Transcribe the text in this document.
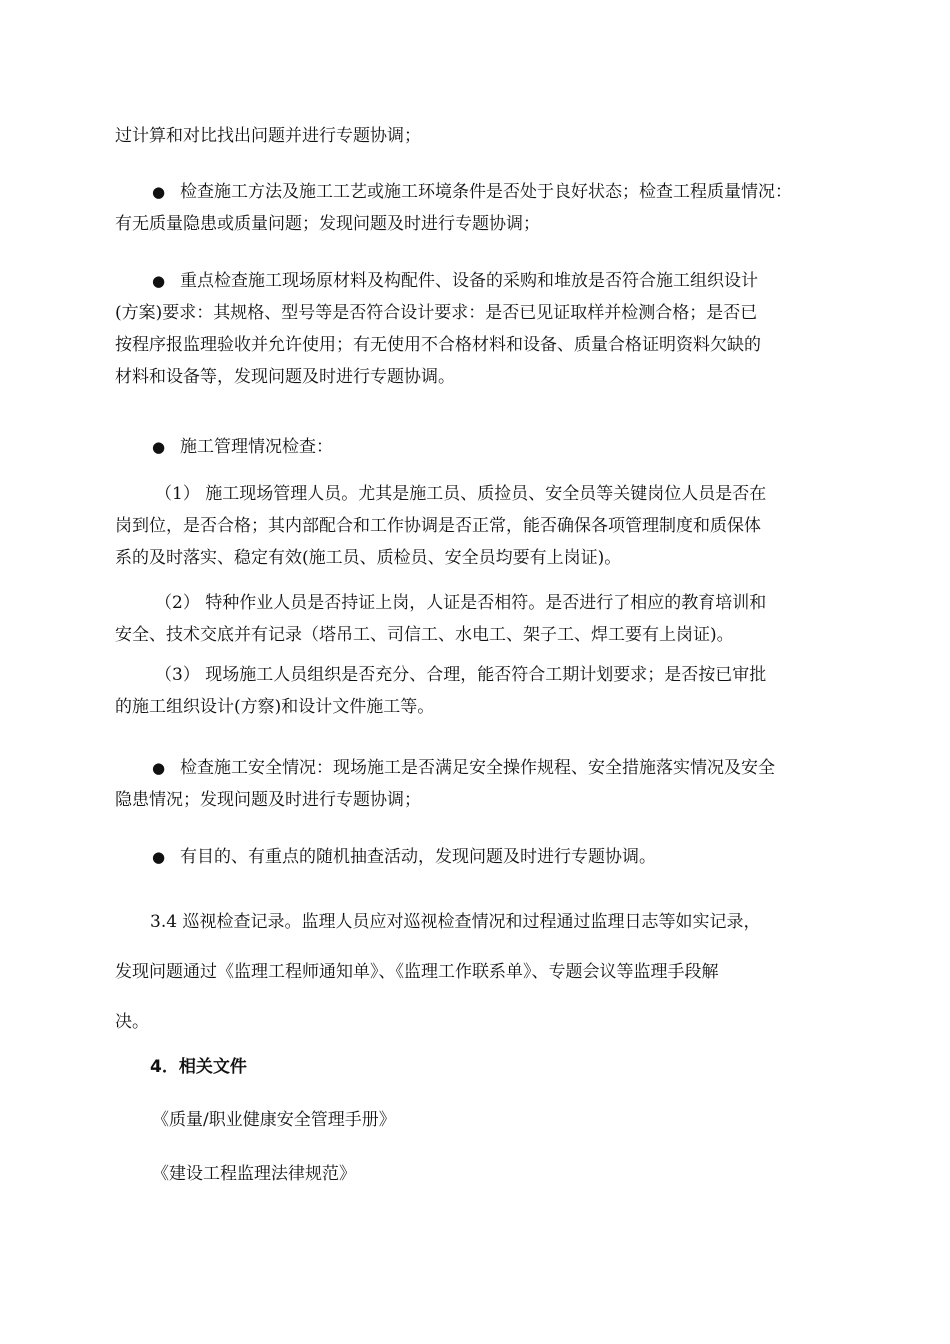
过计算和对比找出问题并进行专题协调；
● 检查施工方法及施工工艺或施工环境条件是否处于良好状态；检查工程质量情况：
有无质量隐患或质量问题；发现问题及时进行专题协调；
● 重点检查施工现场原材料及构配件、设备的采购和堆放是否符合施工组织设计
(方案)要求：其规格、型号等是否符合设计要求：是否已见证取样并检测合格；是否已
按程序报监理验收并允许使用；有无使用不合格材料和设备、质量合格证明资料欠缺的
材料和设备等，发现问题及时进行专题协调。
● 施工管理情况检查：
（1） 施工现场管理人员。尤其是施工员、质捡员、安全员等关键岗位人员是否在
岗到位，是否合格；其内部配合和工作协调是否正常，能否确保各项管理制度和质保体
系的及时落实、稳定有效(施工员、质检员、安全员均要有上岗证)。
（2） 特种作业人员是否持证上岗，人证是否相符。是否进行了相应的教育培训和
安全、技术交底并有记录（塔吊工、司信工、水电工、架子工、焊工要有上岗证)。
（3） 现场施工人员组织是否充分、合理，能否符合工期计划要求；是否按已审批
的施工组织设计(方察)和设计文件施工等。
● 检查施工安全情况：现场施工是否满足安全操作规程、安全措施落实情况及安全
隐患情况；发现问题及时进行专题协调；
● 有目的、有重点的随机抽查活动，发现问题及时进行专题协调。
3.4 巡视检查记录。监理人员应对巡视检查情况和过程通过监理日志等如实记录，
发现问题通过《监理工程师通知单》、《监理工作联系单》、专题会议等监理手段解
决。
4．相关文件
《质量/职业健康安全管理手册》
《建设工程监理法律规范》
